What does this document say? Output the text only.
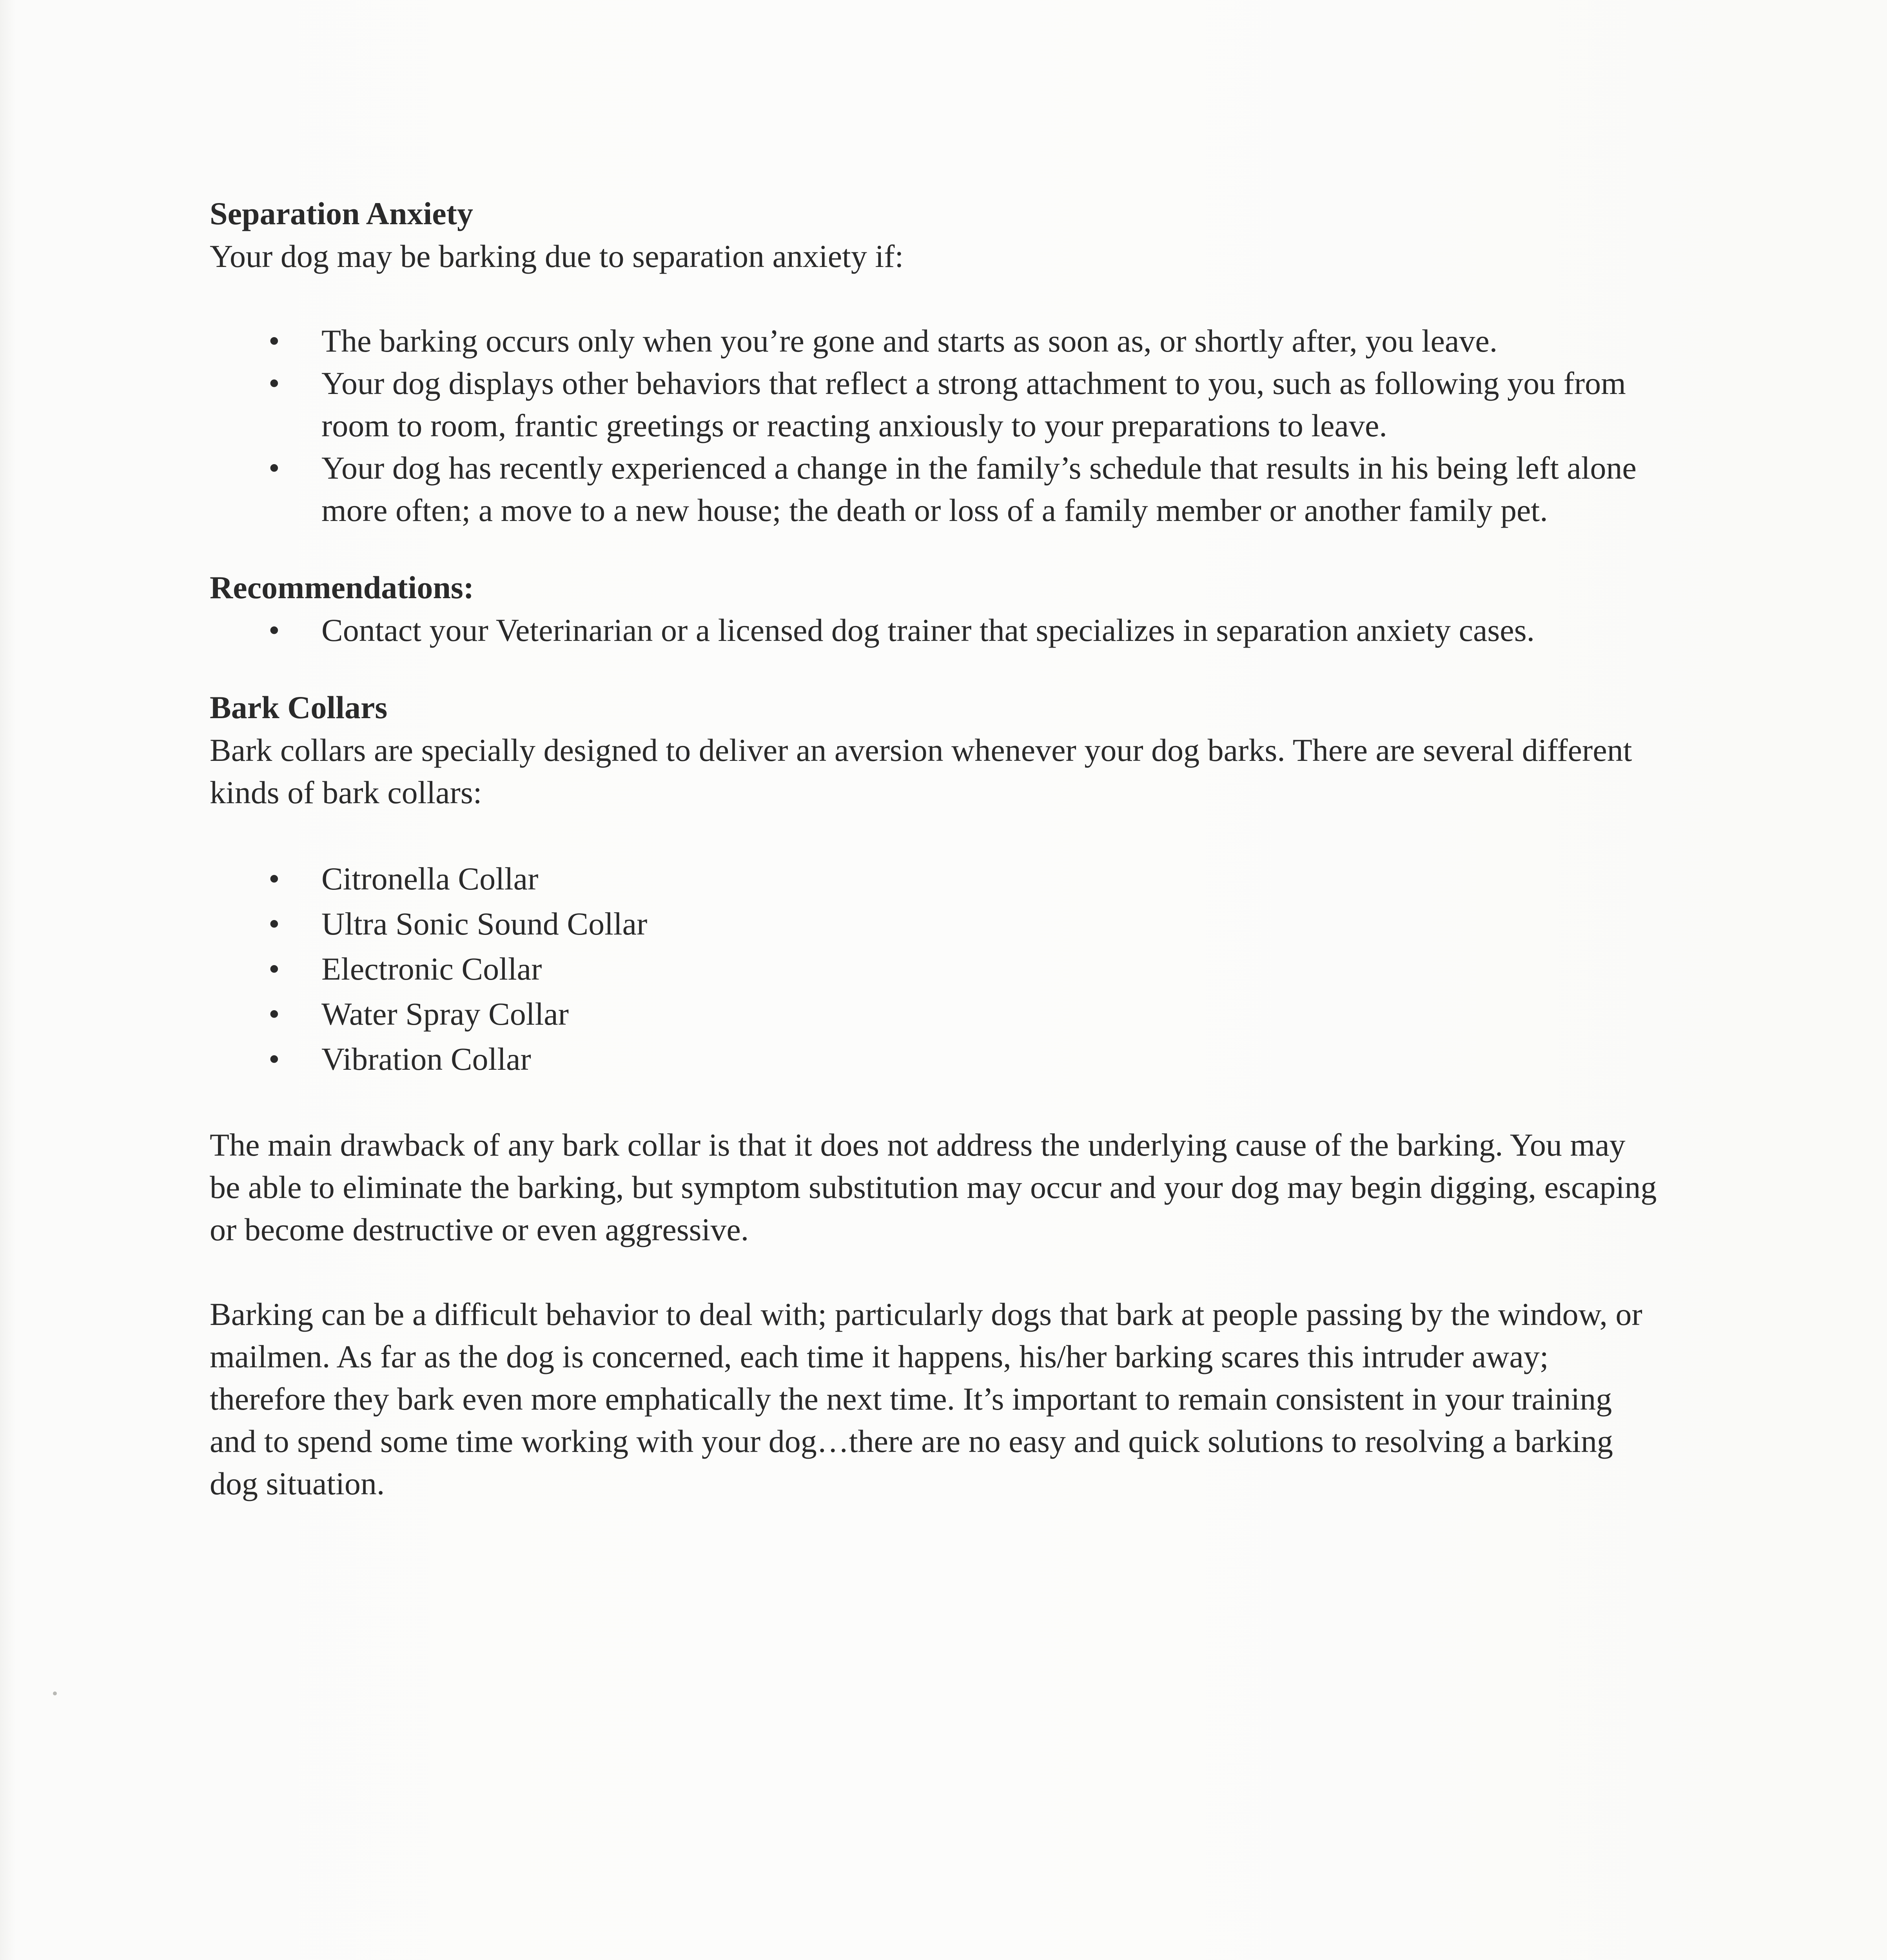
Separation Anxiety

Your dog may be barking due to separation anxiety if:

• The barking occurs only when you’re gone and starts as soon as, or shortly after, you leave.
• Your dog displays other behaviors that reflect a strong attachment to you, such as following you from room to room, frantic greetings or reacting anxiously to your preparations to leave.
• Your dog has recently experienced a change in the family’s schedule that results in his being left alone more often; a move to a new house; the death or loss of a family member or another family pet.
Recommendations:
• Contact your Veterinarian or a licensed dog trainer that specializes in separation anxiety cases.
Bark Collars

Bark collars are specially designed to deliver an aversion whenever your dog barks. There are several different kinds of bark collars:

• Citronella Collar
• Ultra Sonic Sound Collar
• Electronic Collar
• Water Spray Collar
• Vibration Collar

The main drawback of any bark collar is that it does not address the underlying cause of the barking. You may be able to eliminate the barking, but symptom substitution may occur and your dog may begin digging, escaping or become destructive or even aggressive.

Barking can be a difficult behavior to deal with; particularly dogs that bark at people passing by the window, or mailmen. As far as the dog is concerned, each time it happens, his/her barking scares this intruder away; therefore they bark even more emphatically the next time. It’s important to remain consistent in your training and to spend some time working with your dog…there are no easy and quick solutions to resolving a barking dog situation.
